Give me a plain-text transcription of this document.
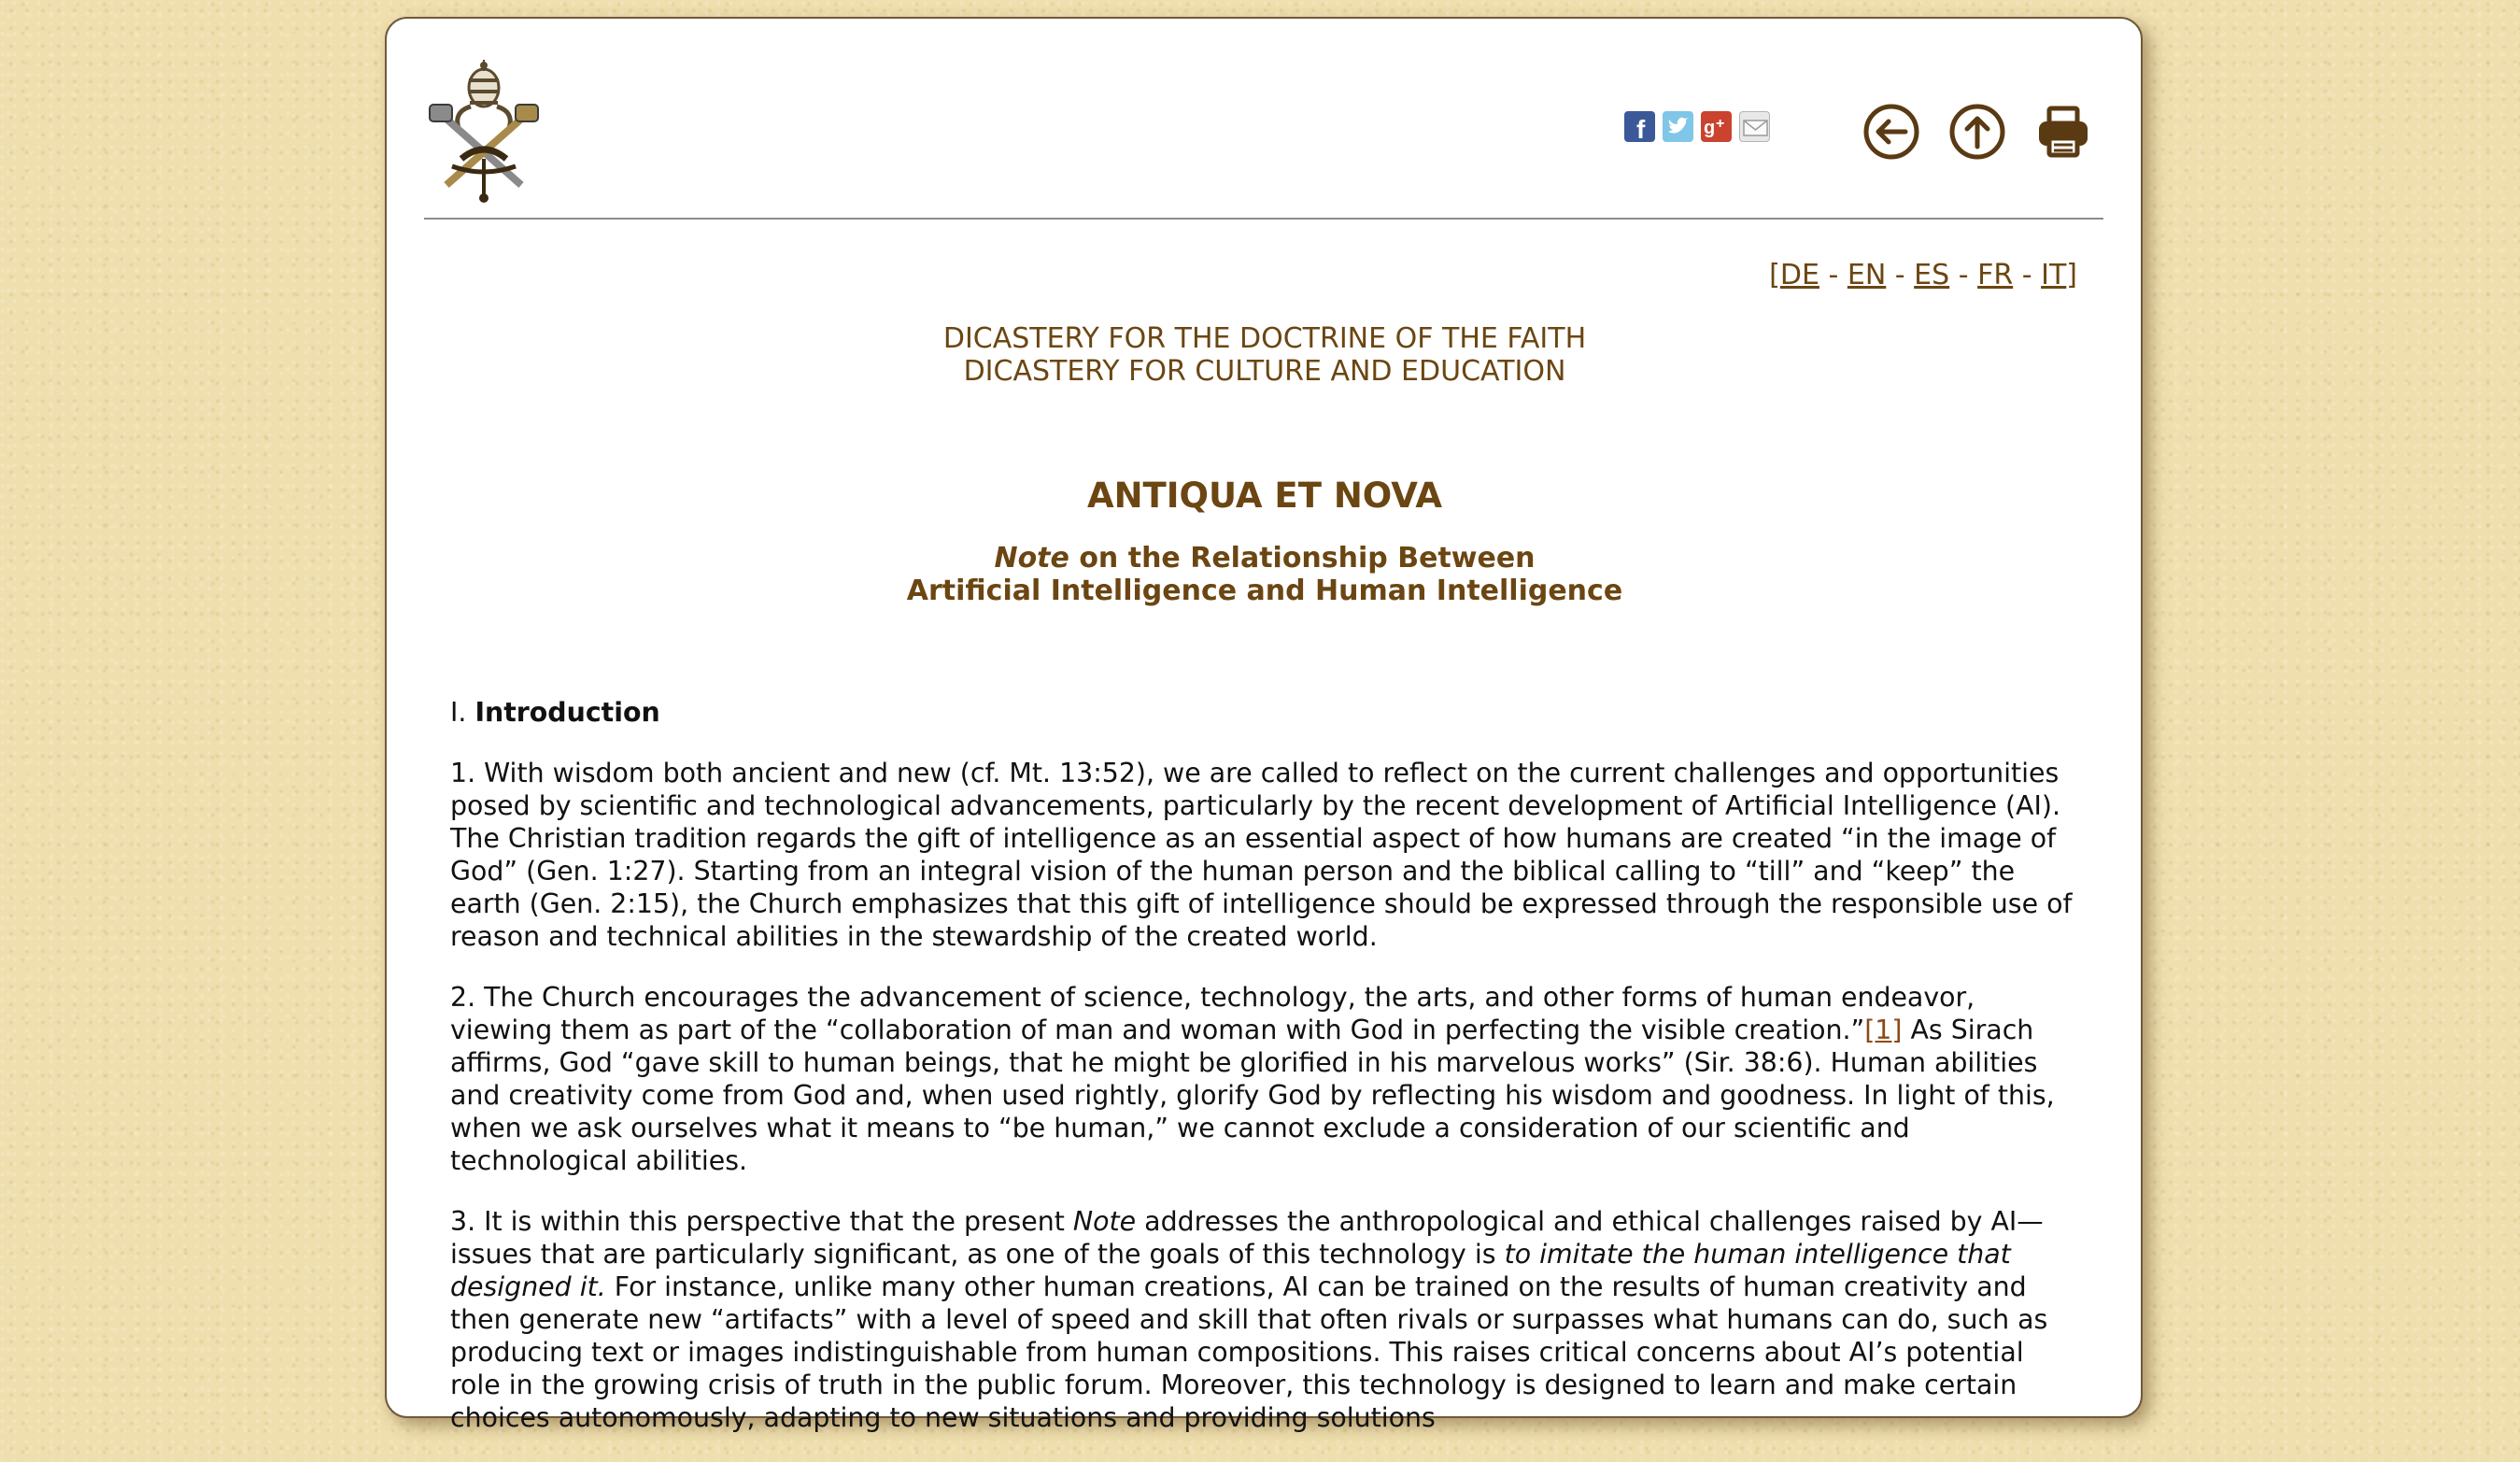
f	g +
[DE - EN - ES - FR - IT]
DICASTERY FOR THE DOCTRINE OF THE FAITH
DICASTERY FOR CULTURE AND EDUCATION
ANTIQUA ET NOVA
Note on the Relationship Between
Artificial Intelligence and Human Intelligence
I. Introduction

1. With wisdom both ancient and new (cf. Mt. 13:52), we are called to reflect on the current challenges and opportunities posed by scientific and technological advancements, particularly by the recent development of Artificial Intelligence (AI). The Christian tradition regards the gift of intelligence as an essential aspect of how humans are created “in the image of God” (Gen. 1:27). Starting from an integral vision of the human person and the biblical calling to “till” and “keep” the earth (Gen. 2:15), the Church emphasizes that this gift of intelligence should be expressed through the responsible use of reason and technical abilities in the stewardship of the created world.

2. The Church encourages the advancement of science, technology, the arts, and other forms of human endeavor, viewing them as part of the “collaboration of man and woman with God in perfecting the visible creation.”[1] As Sirach affirms, God “gave skill to human beings, that he might be glorified in his marvelous works” (Sir. 38:6). Human abilities and creativity come from God and, when used rightly, glorify God by reflecting his wisdom and goodness. In light of this, when we ask ourselves what it means to “be human,” we cannot exclude a consideration of our scientific and technological abilities.

3. It is within this perspective that the present Note addresses the anthropological and ethical challenges raised by AI—issues that are particularly significant, as one of the goals of this technology is to imitate the human intelligence that designed it. For instance, unlike many other human creations, AI can be trained on the results of human creativity and then generate new “artifacts” with a level of speed and skill that often rivals or surpasses what humans can do, such as producing text or images indistinguishable from human compositions. This raises critical concerns about AI’s potential role in the growing crisis of truth in the public forum. Moreover, this technology is designed to learn and make certain choices autonomously, adapting to new situations and providing solutions
